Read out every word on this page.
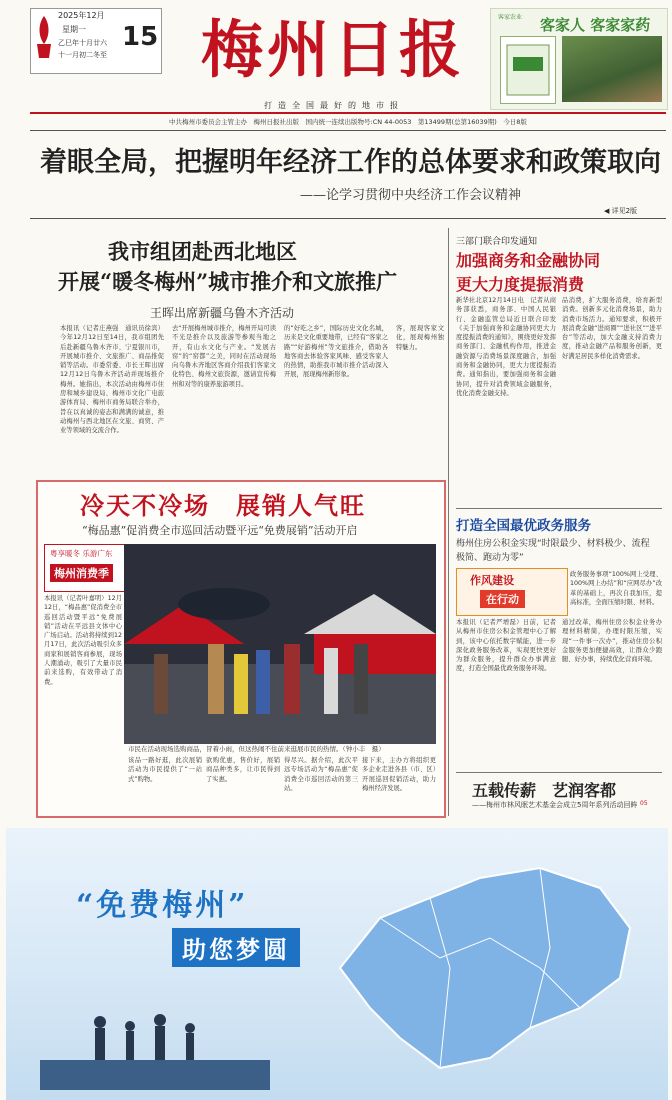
2025年12月
星期一
乙巳年十月廿六
十一月初二冬至
15 梅州日报
打造全国最好的地市报
客家农业 客家人 客家家药
中共梅州市委员会主管主办　梅州日报社出版　国内统一连续出版物号:CN 44-0053　第13499期(总第16039期)　今日8版
着眼全局，把握明年经济工作的总体要求和政策取向
——论学习贯彻中央经济工作会议精神
◀ 详见2版
我市组团赴西北地区
开展“暖冬梅州”城市推介和文旅推广
王晖出席新疆乌鲁木齐活动
本报讯（记者庄燕强　通讯员徐宾）今年12月12日至14日，我市组团先后赴新疆乌鲁木齐市、宁夏银川市，开展城市推介、文旅推广、商品推促销等活动。市委常委、市长王晖出席12月12日乌鲁木齐活动并现场推介梅州。她指出，本次活动由梅州市住房和城乡建设局、梅州市文化广电旅游体育局、梅州市商务局联合举办，旨在以真诚的姿态和满满的诚意，推动梅州与西北地区在文旅、商贸、产业等领域的交流合作。
去“开展梅州城市推介，梅州开局可读不光是推介以及旅游等参观当地之开，有山水文化与产业。“发展古窑”的“窑都”之美，同时在活动现场向乌鲁木齐地区客商介绍我们客家文化特色、梅州文旅资源，邀请宣传梅州和对等的康养旅游项目。
的“好吃之乡”，国际历史文化名城，历来是文化重要地带，已经有“客家之路”“好游梅州”等文旅推介，借助各地客商去体验客家风味、感受客家人的热情，助推我市城市推介活动深入开展，展现梅州新形象。
客，展现客家文化，展现梅州独特魅力。
三部门联合印发通知
加强商务和金融协同
更大力度提振消费
新华社北京12月14日电　记者从商务部获悉，商务部、中国人民银行、金融监管总局近日联合印发《关于加强商务和金融协同更大力度提振消费的通知》，围绕更好发挥商务部门、金融机构作用，推进金融资源与消费场景深度融合，加强商务和金融协同，更大力度提振消费。通知指出，要加强商务和金融协同，提升对消费领域金融服务，优化消费金融支持。
品消费，扩大服务消费，培育新型消费。创新多元化消费场景，助力消费市场活力。通知要求，积极开展消费金融“进商圈”“进社区”“进平台”等活动，加大金融支持消费力度，推动金融产品和服务创新，更好满足居民多样化消费需求。
打造全国最优政务服务
梅州住房公积金实现“时限最少、材料极少、流程
极简、跑动为零”
作风建设
在行动
政务服务事项“100%网上受理、100%网上办结”和“应网尽办”改革的基础上，再次自我加压，提高标准，全面压缩时限、材料。
本报讯（记者严增磊）日前，记者从梅州市住房公积金管理中心了解到，该中心依托数字赋能，进一步深化政务服务改革，实现更快更好为群众服务，提升群众办事满意度，打造全国最优政务服务环境。
通过改革，梅州住房公积金业务办理材料精简，办理时限压缩，实现“一件事一次办”，推动住房公积金服务更加便捷高效，让群众少跑腿、好办事，持续优化营商环境。
五载传薪　艺润客都
——梅州市林风眠艺术基金会成立5周年系列活动回眸 05
冷天不冷场　展销人气旺
“梅品惠”促消费全市巡回活动暨平远“免费展销”活动开启
粤享暖冬 乐游广东
梅州消费季
本报讯（记者叶嘉明）12月12日，“梅品惠”促消费全市巡回活动暨平远“免费展销”活动在平远县文体中心广场启动。活动将持续到12月17日，此次活动吸引众多商家和展销客商参展，现场人潮涌动，吸引了大量市民前来选购，有效带动了消费。
市民在活动现场选购商品，冒着小雨，但这热闹不住前来逛展市民的热情。（钟小丰　摄）
该品一路好逛，此次展销活动为市民提供了“一站式”购物。
欲购优惠，售价好，展销商品种类多，让市民得到了实惠。
得尽兴。据介绍，此次平远专场活动为“梅品惠”促消费全市巡回活动的第三站。
接下来，主办方将组织更多企业走进各县（市、区）开展巡回促销活动，助力梅州经济发展。
“免费梅州”
助您梦圆
